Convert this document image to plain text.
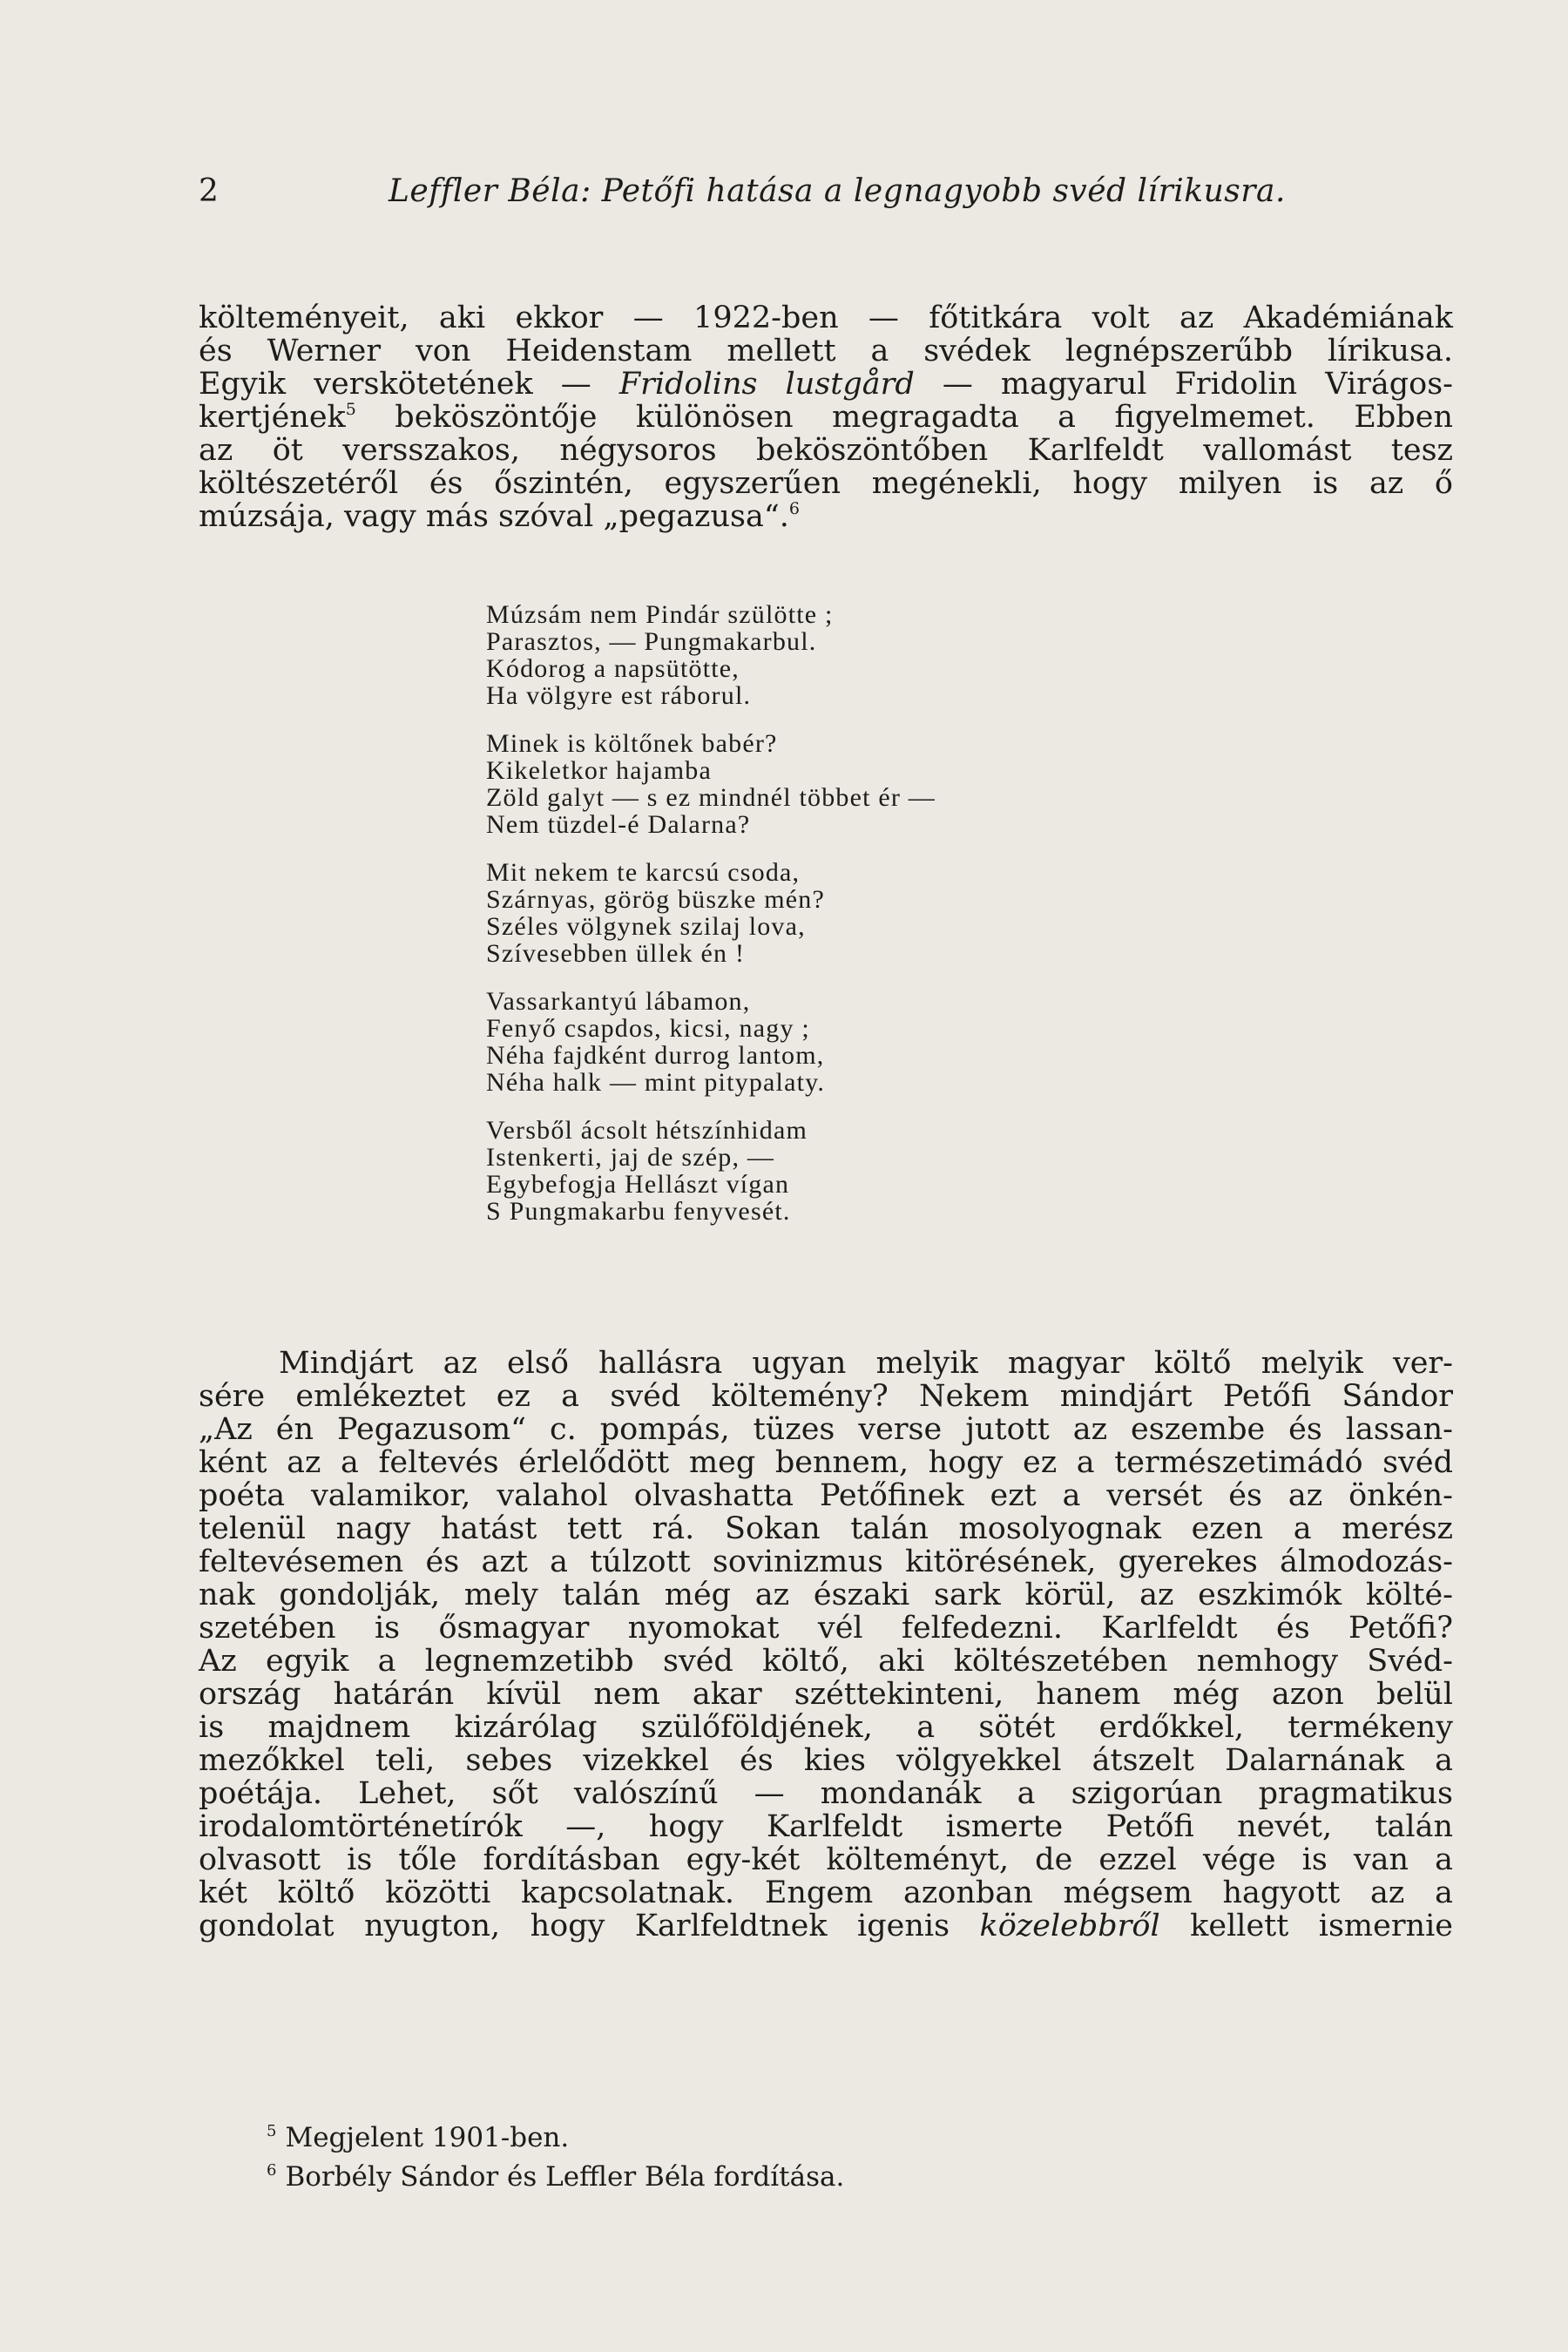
2	Leffler Béla: Petőfi hatása a legnagyobb svéd lírikusra.

költeményeit, aki ekkor — 1922-ben — főtitkára volt az Akadémiának

és Werner von Heidenstam mellett a svédek legnépszerűbb lírikusa.

Egyik verskötetének — Fridolins lustgård — magyarul Fridolin Virágos-

kertjének$^5$ beköszöntője különösen megragadta a figyelmemet. Ebben

az öt versszakos, négysoros beköszöntőben Karlfeldt vallomást tesz

költészetéről és őszintén, egyszerűen megénekli, hogy milyen is az ő

múzsája, vagy más szóval „pegazusa“.$^6$

Múzsám nem Pindár szülötte ;
Parasztos, — Pungmakarbul.
Kódorog a napsütötte,
Ha völgyre est ráborul.
Minek is költőnek babér?
Kikeletkor hajamba
Zöld galyt — s ez mindnél többet ér —
Nem tüzdel-é Dalarna?
Mit nekem te karcsú csoda,
Szárnyas, görög büszke mén?
Széles völgynek szilaj lova,
Szívesebben üllek én !
Vassarkantyú lábamon,
Fenyő csapdos, kicsi, nagy ;
Néha fajdként durrog lantom,
Néha halk — mint pitypalaty.
Versből ácsolt hétszínhidam
Istenkerti, jaj de szép, —
Egybefogja Hellászt vígan
S Pungmakarbu fenyvesét.

Mindjárt az első hallásra ugyan melyik magyar költő melyik ver-

sére emlékeztet ez a svéd költemény? Nekem mindjárt Petőfi Sándor

„Az én Pegazusom“ c. pompás, tüzes verse jutott az eszembe és lassan-

ként az a feltevés érlelődött meg bennem, hogy ez a természetimádó svéd

poéta valamikor, valahol olvashatta Petőfinek ezt a versét és az önkén-

telenül nagy hatást tett rá. Sokan talán mosolyognak ezen a merész

feltevésemen és azt a túlzott sovinizmus kitörésének, gyerekes álmodozás-

nak gondolják, mely talán még az északi sark körül, az eszkimók költé-

szetében is ősmagyar nyomokat vél felfedezni. Karlfeldt és Petőfi?

Az egyik a legnemzetibb svéd költő, aki költészetében nemhogy Svéd-

ország határán kívül nem akar széttekinteni, hanem még azon belül

is majdnem kizárólag szülőföldjének, a sötét erdőkkel, termékeny

mezőkkel teli, sebes vizekkel és kies völgyekkel átszelt Dalarnának a

poétája. Lehet, sőt valószínű — mondanák a szigorúan pragmatikus

irodalomtörténetírók —, hogy Karlfeldt ismerte Petőfi nevét, talán

olvasott is tőle fordításban egy-két költeményt, de ezzel vége is van a

két költő közötti kapcsolatnak. Engem azonban mégsem hagyott az a

gondolat nyugton, hogy Karlfeldtnek igenis közelebbről kellett ismernie

$^5$ Megjelent 1901-ben.
$^6$ Borbély Sándor és Leffler Béla fordítása.
